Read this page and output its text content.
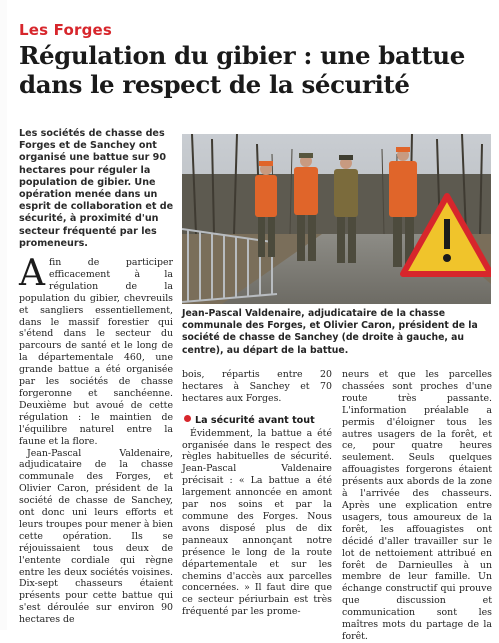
Les Forges
Régulation du gibier : une battue dans le respect de la sécurité

Les sociétés de chasse des Forges et de Sanchey ont organisé une battue sur 90 hectares pour réguler la population de gibier. Une opération menée dans un esprit de collaboration et de sécurité, à proximité d'un secteur fréquenté par les promeneurs.

Jean-Pascal Valdenaire, adjudicataire de la chasse communale des Forges, et Olivier Caron, président de la société de chasse de Sanchey (de droite à gauche, au centre), au départ de la battue.

Afin de participer efficacement à la régulation de la population du gibier, chevreuils et sangliers essentiellement, dans le massif forestier qui s'étend dans le secteur du parcours de santé et le long de la départementale 460, une grande battue a été organisée par les sociétés de chasse forgeronne et sanchéenne. Deuxième but avoué de cette régulation : le maintien de l'équilibre naturel entre la faune et la flore.

Jean-Pascal Valdenaire, adjudicataire de la chasse communale des Forges, et Olivier Caron, président de la société de chasse de Sanchey, ont donc uni leurs efforts et leurs troupes pour mener à bien cette opération. Ils se réjouissaient tous deux de l'entente cordiale qui règne entre les deux sociétés voisines. Dix-sept chasseurs étaient présents pour cette battue qui s'est déroulée sur environ 90 hectares de

bois, répartis entre 20 hectares à Sanchey et 70 hectares aux Forges.

La sécurité avant tout

Évidemment, la battue a été organisée dans le respect des règles habituelles de sécurité. Jean-Pascal Valdenaire précisait : « La battue a été largement annoncée en amont par nos soins et par la commune des Forges. Nous avons disposé plus de dix panneaux annonçant notre présence le long de la route départementale et sur les chemins d'accès aux parcelles concernées. » Il faut dire que ce secteur périurbain est très fréquenté par les prome-

neurs et que les parcelles chassées sont proches d'une route très passante. L'information préalable a permis d'éloigner tous les autres usagers de la forêt, et ce, pour quatre heures seulement. Seuls quelques affouagistes forgerons étaient présents aux abords de la zone à l'arrivée des chasseurs. Après une explication entre usagers, tous amoureux de la forêt, les affouagistes ont décidé d'aller travailler sur le lot de nettoiement attribué en forêt de Darnieulles à un membre de leur famille. Un échange constructif qui prouve que discussion et communication sont les maîtres mots du partage de la forêt.
